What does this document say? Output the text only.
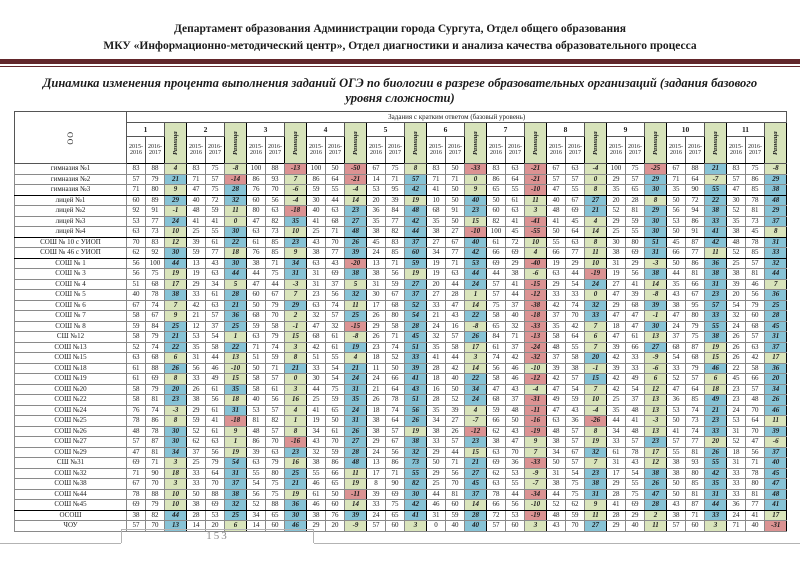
Департамент образования Администрации города Сургута, Отдел общего образования
МКУ «Информационно-методический центр», Отдел диагностики и анализа качества образовательного процесса
Динамика изменения процента выполнения заданий ОГЭ по биологии в разрезе образовательных организаций (задания базового уровня сложности)
ОО	Задания с кратким ответом (базовый уровень)																																
	1		Разница	2		Разница	3		Разница	4		Разница	5		Разница	6		Разница	7		Разница	8		Разница	9		Разница	10		Разница	11		Разница

	2015-2016	2016-2017		2015-2016	2016-2017		2015-2016	2016-2017		2015-2016	2016-2017		2015-2016	2016-2017		2015-2016	2016-2017		2015-2016	2016-2017		2015-2016	2016-2017		2015-2016	2016-2017		2015-2016	2016-2017		2015-2016	2016-2017	
гимназия №1	83	88	4	83	75	-8	100	88	-13	100	50	-50	67	75	8	83	50	-33	83	63	-21	67	63	-4	100	75	-25	67	88	21	83	75	-8
гимназия №2	57	79	21	71	57	-14	86	93	7	86	64	-21	14	71	57	71	71	0	86	64	-21	57	57	0	29	57	29	71	64	-7	57	86	29
гимназия №3	71	80	9	47	75	28	76	70	-6	59	55	-4	53	95	42	41	50	9	65	55	-10	47	55	8	35	65	30	35	90	55	47	85	38
лицей №1	60	89	29	40	72	32	60	56	-4	30	44	14	20	39	19	10	50	40	50	61	11	40	67	27	20	28	8	50	72	22	30	78	48
лицей №2	92	91	-1	48	59	11	80	63	-18	40	63	23	36	84	48	68	91	23	60	63	3	48	69	21	52	81	29	56	94	38	52	81	29
лицей №3	53	77	24	41	41	0	47	82	35	41	68	27	35	77	42	35	50	15	82	41	-41	41	45	4	29	59	30	53	86	33	35	73	37
лицей №4	63	73	10	25	55	30	63	73	10	25	71	48	38	82	44	38	27	-10	100	45	-55	50	64	14	25	55	30	50	91	41	38	45	8
СОШ № 10 с УИОП	70	83	12	39	61	22	61	85	23	43	70	26	45	83	37	27	67	40	61	72	10	55	63	8	30	80	51	45	87	42	48	78	31
СОШ № 46 с УИОП	62	92	30	59	77	18	76	85	9	38	77	39	24	85	60	34	77	42	66	69	4	66	77	11	38	69	31	66	77	11	52	85	33
СОШ № 1	56	100	44	13	43	30	38	71	34	63	43	-20	13	71	59	19	71	53	69	29	-40	19	29	10	31	29	-3	50	86	36	25	57	32
СОШ № 3	56	75	19	19	63	44	44	75	31	31	69	38	38	56	19	19	63	44	44	38	-6	63	44	-19	19	56	38	44	81	38	38	81	44
СОШ № 4	51	68	17	29	34	5	47	44	-3	31	37	5	31	59	27	20	44	24	57	41	-15	29	54	24	27	41	14	35	66	31	39	46	7
СОШ № 5	40	78	38	33	61	28	60	67	7	23	56	32	30	67	37	27	28	1	57	44	-12	33	33	0	47	39	-8	43	67	23	20	56	36
СОШ № 6	67	74	7	42	63	21	50	79	29	63	74	11	17	68	52	33	47	14	75	37	-38	42	74	32	29	68	39	38	95	57	54	79	25
СОШ № 7	58	67	9	21	57	36	68	70	2	32	57	25	26	80	54	21	43	22	58	40	-18	37	70	33	47	47	-1	47	80	33	32	60	28
СОШ № 8	59	84	25	12	37	25	59	58	-1	47	32	-15	29	58	28	24	16	-8	65	32	-33	35	42	7	18	47	30	24	79	55	24	68	45
СШ №12	58	79	21	53	54	1	63	79	15	68	61	-8	26	71	45	32	57	26	84	71	-13	58	64	6	47	61	13	37	75	38	26	57	31
СОШ №13	52	74	22	35	58	22	71	74	3	42	61	19	23	74	51	35	58	17	61	37	-24	48	55	7	39	66	27	68	87	19	26	63	37
СОШ №15	63	68	6	31	44	13	51	59	8	51	55	4	18	52	33	41	44	3	74	42	-32	37	58	20	42	33	-9	54	68	15	26	42	17
СОШ №18	61	88	26	56	46	-10	50	71	21	33	54	21	11	50	39	28	42	14	56	46	-10	39	38	-1	39	33	-6	33	79	46	22	58	36
СОШ №19	61	69	8	33	49	15	58	57	0	30	54	24	24	66	41	18	40	22	58	46	-12	42	57	15	42	49	6	52	57	6	45	66	20
СОШ №20	58	79	20	26	61	35	58	61	3	44	75	31	21	64	43	16	50	34	47	43	-4	47	54	7	42	54	12	47	64	18	23	57	34
СОШ №22	58	81	23	38	56	18	40	56	16	25	59	35	26	78	51	28	52	24	68	37	-31	49	59	10	25	37	13	36	85	49	23	48	26
СОШ №24	76	74	-3	29	61	31	53	57	4	41	65	24	18	74	56	35	39	4	59	48	-11	47	43	-4	35	48	13	53	74	21	24	70	46
СОШ №25	78	86	8	59	41	-18	81	82	1	19	50	31	38	64	26	34	27	-7	66	50	-16	63	36	-26	44	41	-3	50	73	23	53	64	11
СОШ №26	48	78	30	52	61	9	48	57	8	34	61	26	38	57	19	38	26	-12	62	43	-19	48	57	8	34	48	13	41	74	33	31	70	39
СОШ №27	57	87	30	62	63	1	86	70	-16	43	70	27	29	67	38	33	57	23	38	47	9	38	57	19	33	57	23	57	77	20	52	47	-6
СОШ №29	47	81	34	37	56	19	39	63	23	32	59	28	24	56	32	29	44	15	63	70	7	34	67	32	61	78	17	55	81	26	18	56	37
СШ №31	69	71	3	25	79	54	63	79	16	38	86	48	13	86	73	50	71	21	69	36	-33	50	57	7	31	43	12	38	93	55	31	71	40
СОШ №32	71	90	18	33	64	31	55	80	25	55	66	11	17	71	55	29	56	27	62	53	-9	31	54	23	17	54	38	38	80	42	33	78	45
СОШ №38	67	70	3	33	70	37	54	75	21	46	65	19	8	90	82	25	70	45	63	55	-7	38	75	38	29	55	26	50	85	35	33	80	47
СОШ №44	78	88	10	50	88	38	56	75	19	61	50	-11	39	69	30	44	81	37	78	44	-34	44	75	31	28	75	47	50	81	31	33	81	48
СОШ №45	69	79	10	38	69	32	52	88	36	46	60	14	33	75	42	46	60	14	66	56	-10	52	62	9	41	69	28	43	87	44	36	77	41
ОСОШ	38	82	44	28	53	25	34	65	30	38	76	39	24	65	41	31	59	28	72	53	-19	48	59	11	28	29	2	38	71	33	24	41	17
ЧОУ	57	70	13	14	20	6	14	60	46	29	20	-9	57	60	3	0	40	40	57	60	3	43	70	27	29	40	11	57	60	3	71	40	-31
153
